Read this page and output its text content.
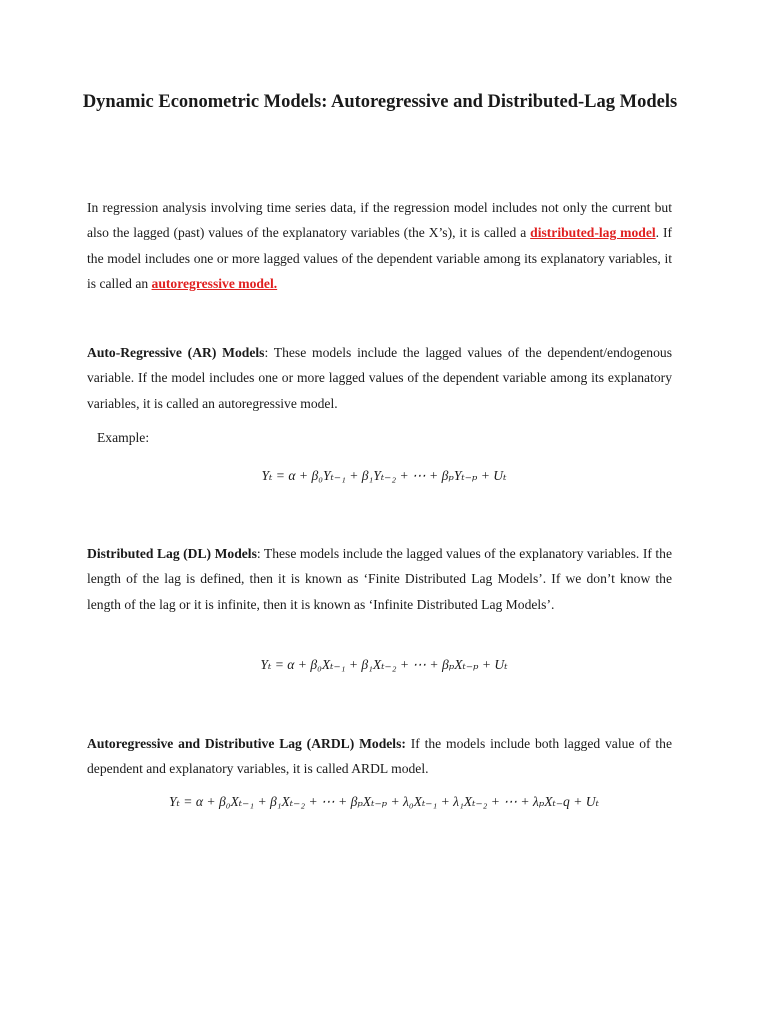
Dynamic Econometric Models: Autoregressive and Distributed-Lag Models

In regression analysis involving time series data, if the regression model includes not only the current but also the lagged (past) values of the explanatory variables (the X’s), it is called a distributed-lag model. If the model includes one or more lagged values of the dependent variable among its explanatory variables, it is called an autoregressive model.

Auto-Regressive (AR) Models: These models include the lagged values of the dependent/endogenous variable. If the model includes one or more lagged values of the dependent variable among its explanatory variables, it is called an autoregressive model.

Example:
Yₜ = α + β₀Yₜ₋₁ + β₁Yₜ₋₂ + ⋯ + βₚYₜ₋ₚ + Uₜ

Distributed Lag (DL) Models: These models include the lagged values of the explanatory variables. If the length of the lag is defined, then it is known as ‘Finite Distributed Lag Models’. If we don’t know the length of the lag or it is infinite, then it is known as ‘Infinite Distributed Lag Models’.

Yₜ = α + β₀Xₜ₋₁ + β₁Xₜ₋₂ + ⋯ + βₚXₜ₋ₚ + Uₜ

Autoregressive and Distributive Lag (ARDL) Models: If the models include both lagged value of the dependent and explanatory variables, it is called ARDL model.

Yₜ = α + β₀Xₜ₋₁ + β₁Xₜ₋₂ + ⋯ + βₚXₜ₋ₚ + λ₀Xₜ₋₁ + λ₁Xₜ₋₂ + ⋯ + λₚXₜ₋q + Uₜ
